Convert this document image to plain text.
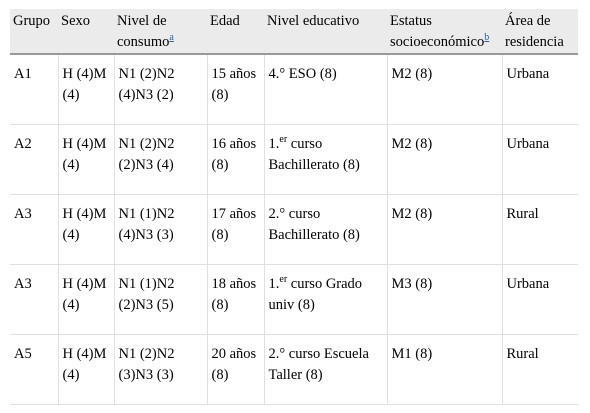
Grupo	Sexo	Nivel de consumo$^a$	Edad	Nivel educativo	Estatus socioeconómico$^b$	Área de residencia
A1	H (4)M (4)	N1 (2)N2 (4)N3 (2)	15 años (8)	4.° ESO (8)	M2 (8)	Urbana
A2	H (4)M (4)	N1 (2)N2 (2)N3 (4)	16 años (8)	1.$^{er}$ curso Bachillerato (8)	M2 (8)	Urbana
A3	H (4)M (4)	N1 (1)N2 (4)N3 (3)	17 años (8)	2.° curso Bachillerato (8)	M2 (8)	Rural
A3	H (4)M (4)	N1 (1)N2 (2)N3 (5)	18 años (8)	1.$^{er}$ curso Grado univ (8)	M3 (8)	Urbana
A5	H (4)M (4)	N1 (2)N2 (3)N3 (3)	20 años (8)	2.° curso Escuela Taller (8)	M1 (8)	Rural
